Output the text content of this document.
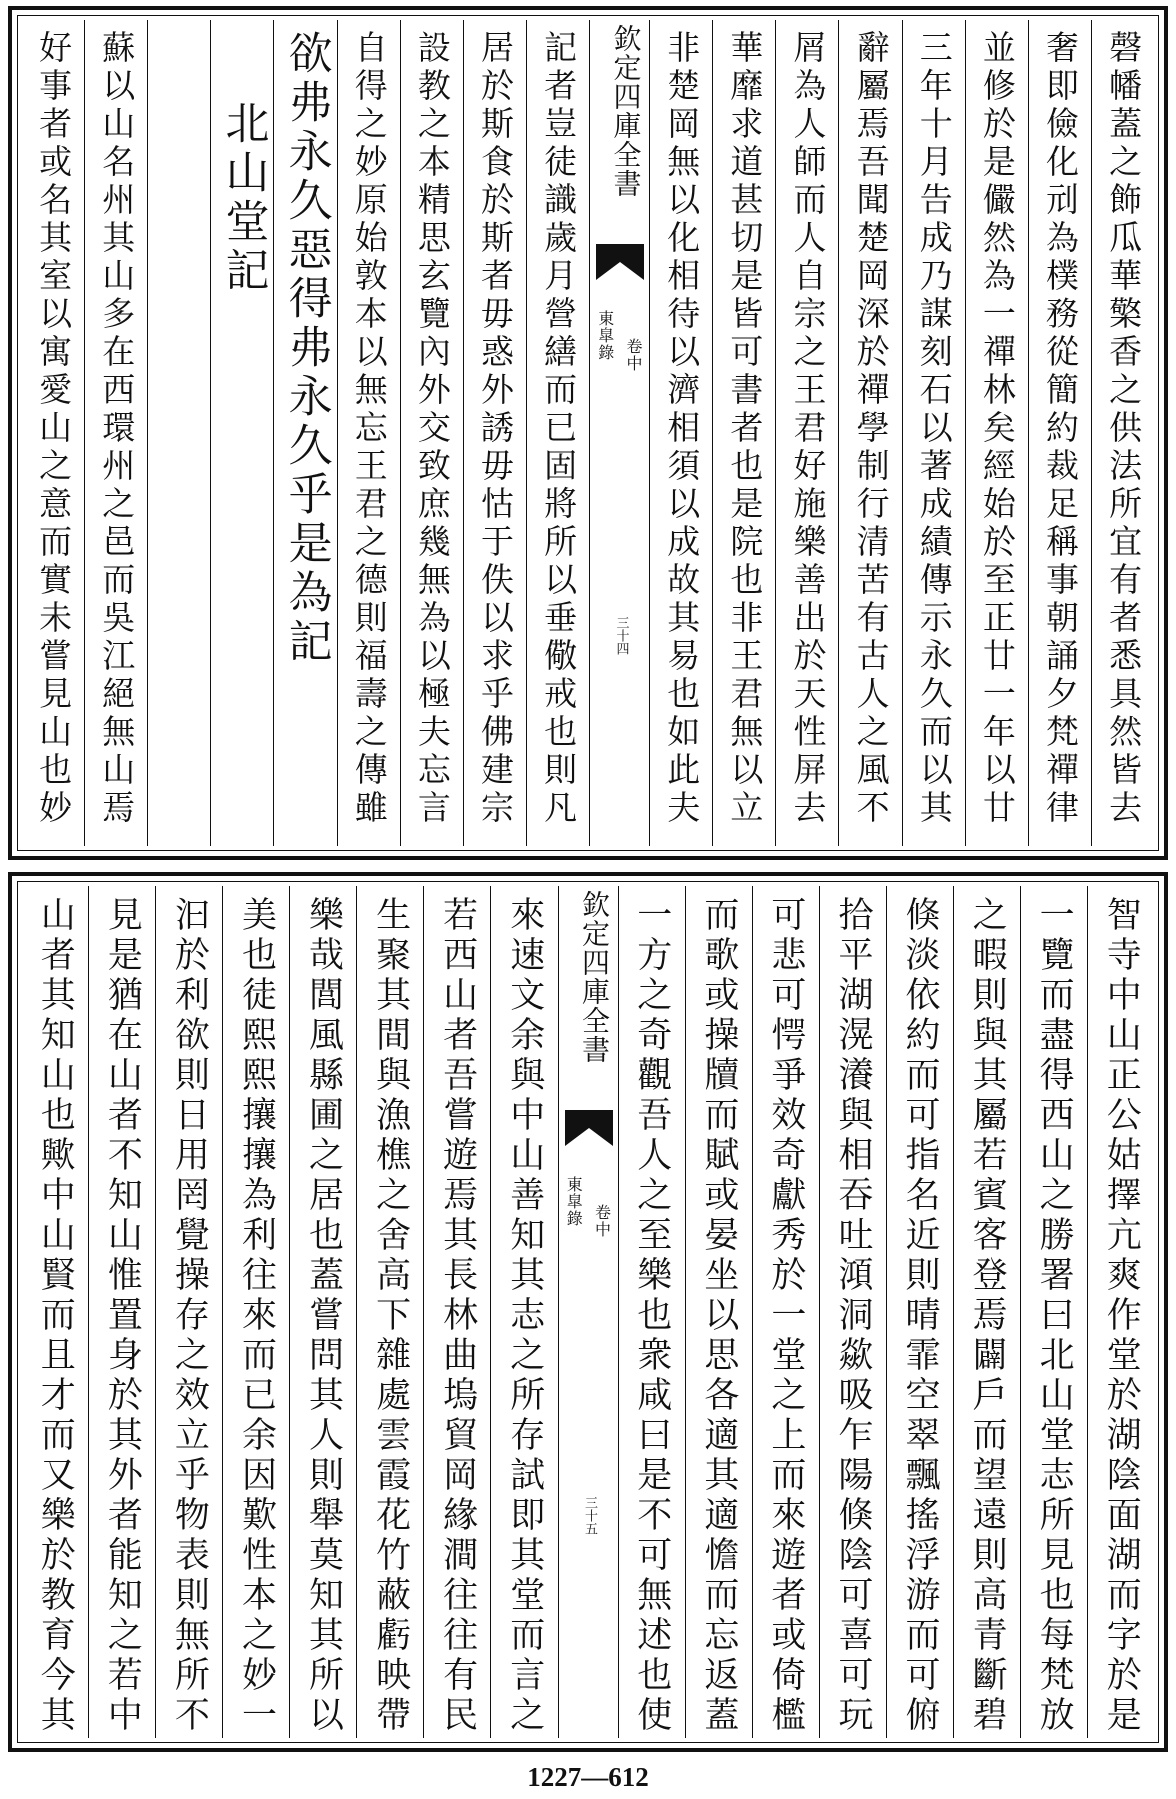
磬幡蓋之飾瓜華檠香之供法所宜有者悉具然皆去
奢即儉化刓為樸務從簡約裁足稱事朝誦夕梵禪律
並修於是儼然為一禪林矣經始於至正廿一年以廿
三年十月告成乃謀刻石以著成績傳示永久而以其
辭屬焉吾聞楚岡深於禪學制行清苦有古人之風不
屑為人師而人自宗之王君好施樂善出於天性屏去
華靡求道甚切是皆可書者也是院也非王君無以立
非楚岡無以化相待以濟相須以成故其易也如此夫
欽定四庫全書
東皐錄 卷中
三十四
記者豈徒識歲月營繕而已固將所以垂儆戒也則凡
居於斯食於斯者毋惑外誘毋怙于佚以求乎佛建宗
設教之本精思玄覽內外交致庶幾無為以極夫忘言
自得之妙原始敦本以無忘王君之德則福壽之傳雖
欲弗永久惡得弗永久乎是為記
北山堂記
蘇以山名州其山多在西環州之邑而吳江絕無山焉
好事者或名其室以寓愛山之意而實未嘗見山也妙
智寺中山正公姑擇亢爽作堂於湖陰面湖而字於是
一覽而盡得西山之勝署曰北山堂志所見也每梵放
之暇則與其屬若賓客登焉闢戶而望遠則高青斷碧
倏淡依約而可指名近則晴霏空翠飄搖浮游而可俯
拾平湖滉瀁與相吞吐澒洞歘吸乍陽倏陰可喜可玩
可悲可愕爭效奇獻秀於一堂之上而來遊者或倚檻
而歌或操牘而賦或晏坐以思各適其適憺而忘返蓋
一方之奇觀吾人之至樂也衆咸曰是不可無述也使
欽定四庫全書
東皐錄 卷中
三十五
來速文余與中山善知其志之所存試即其堂而言之
若西山者吾嘗遊焉其長林曲塢貿岡緣澗往往有民
生聚其間與漁樵之舍高下雜處雲霞花竹蔽虧映帶
樂哉閭風縣圃之居也蓋嘗問其人則舉莫知其所以
美也徒熙熙攘攘為利往來而已余因歎性本之妙一
汩於利欲則日用罔覺操存之效立乎物表則無所不
見是猶在山者不知山惟置身於其外者能知之若中
山者其知山也歟中山賢而且才而又樂於教育今其
1227—612
